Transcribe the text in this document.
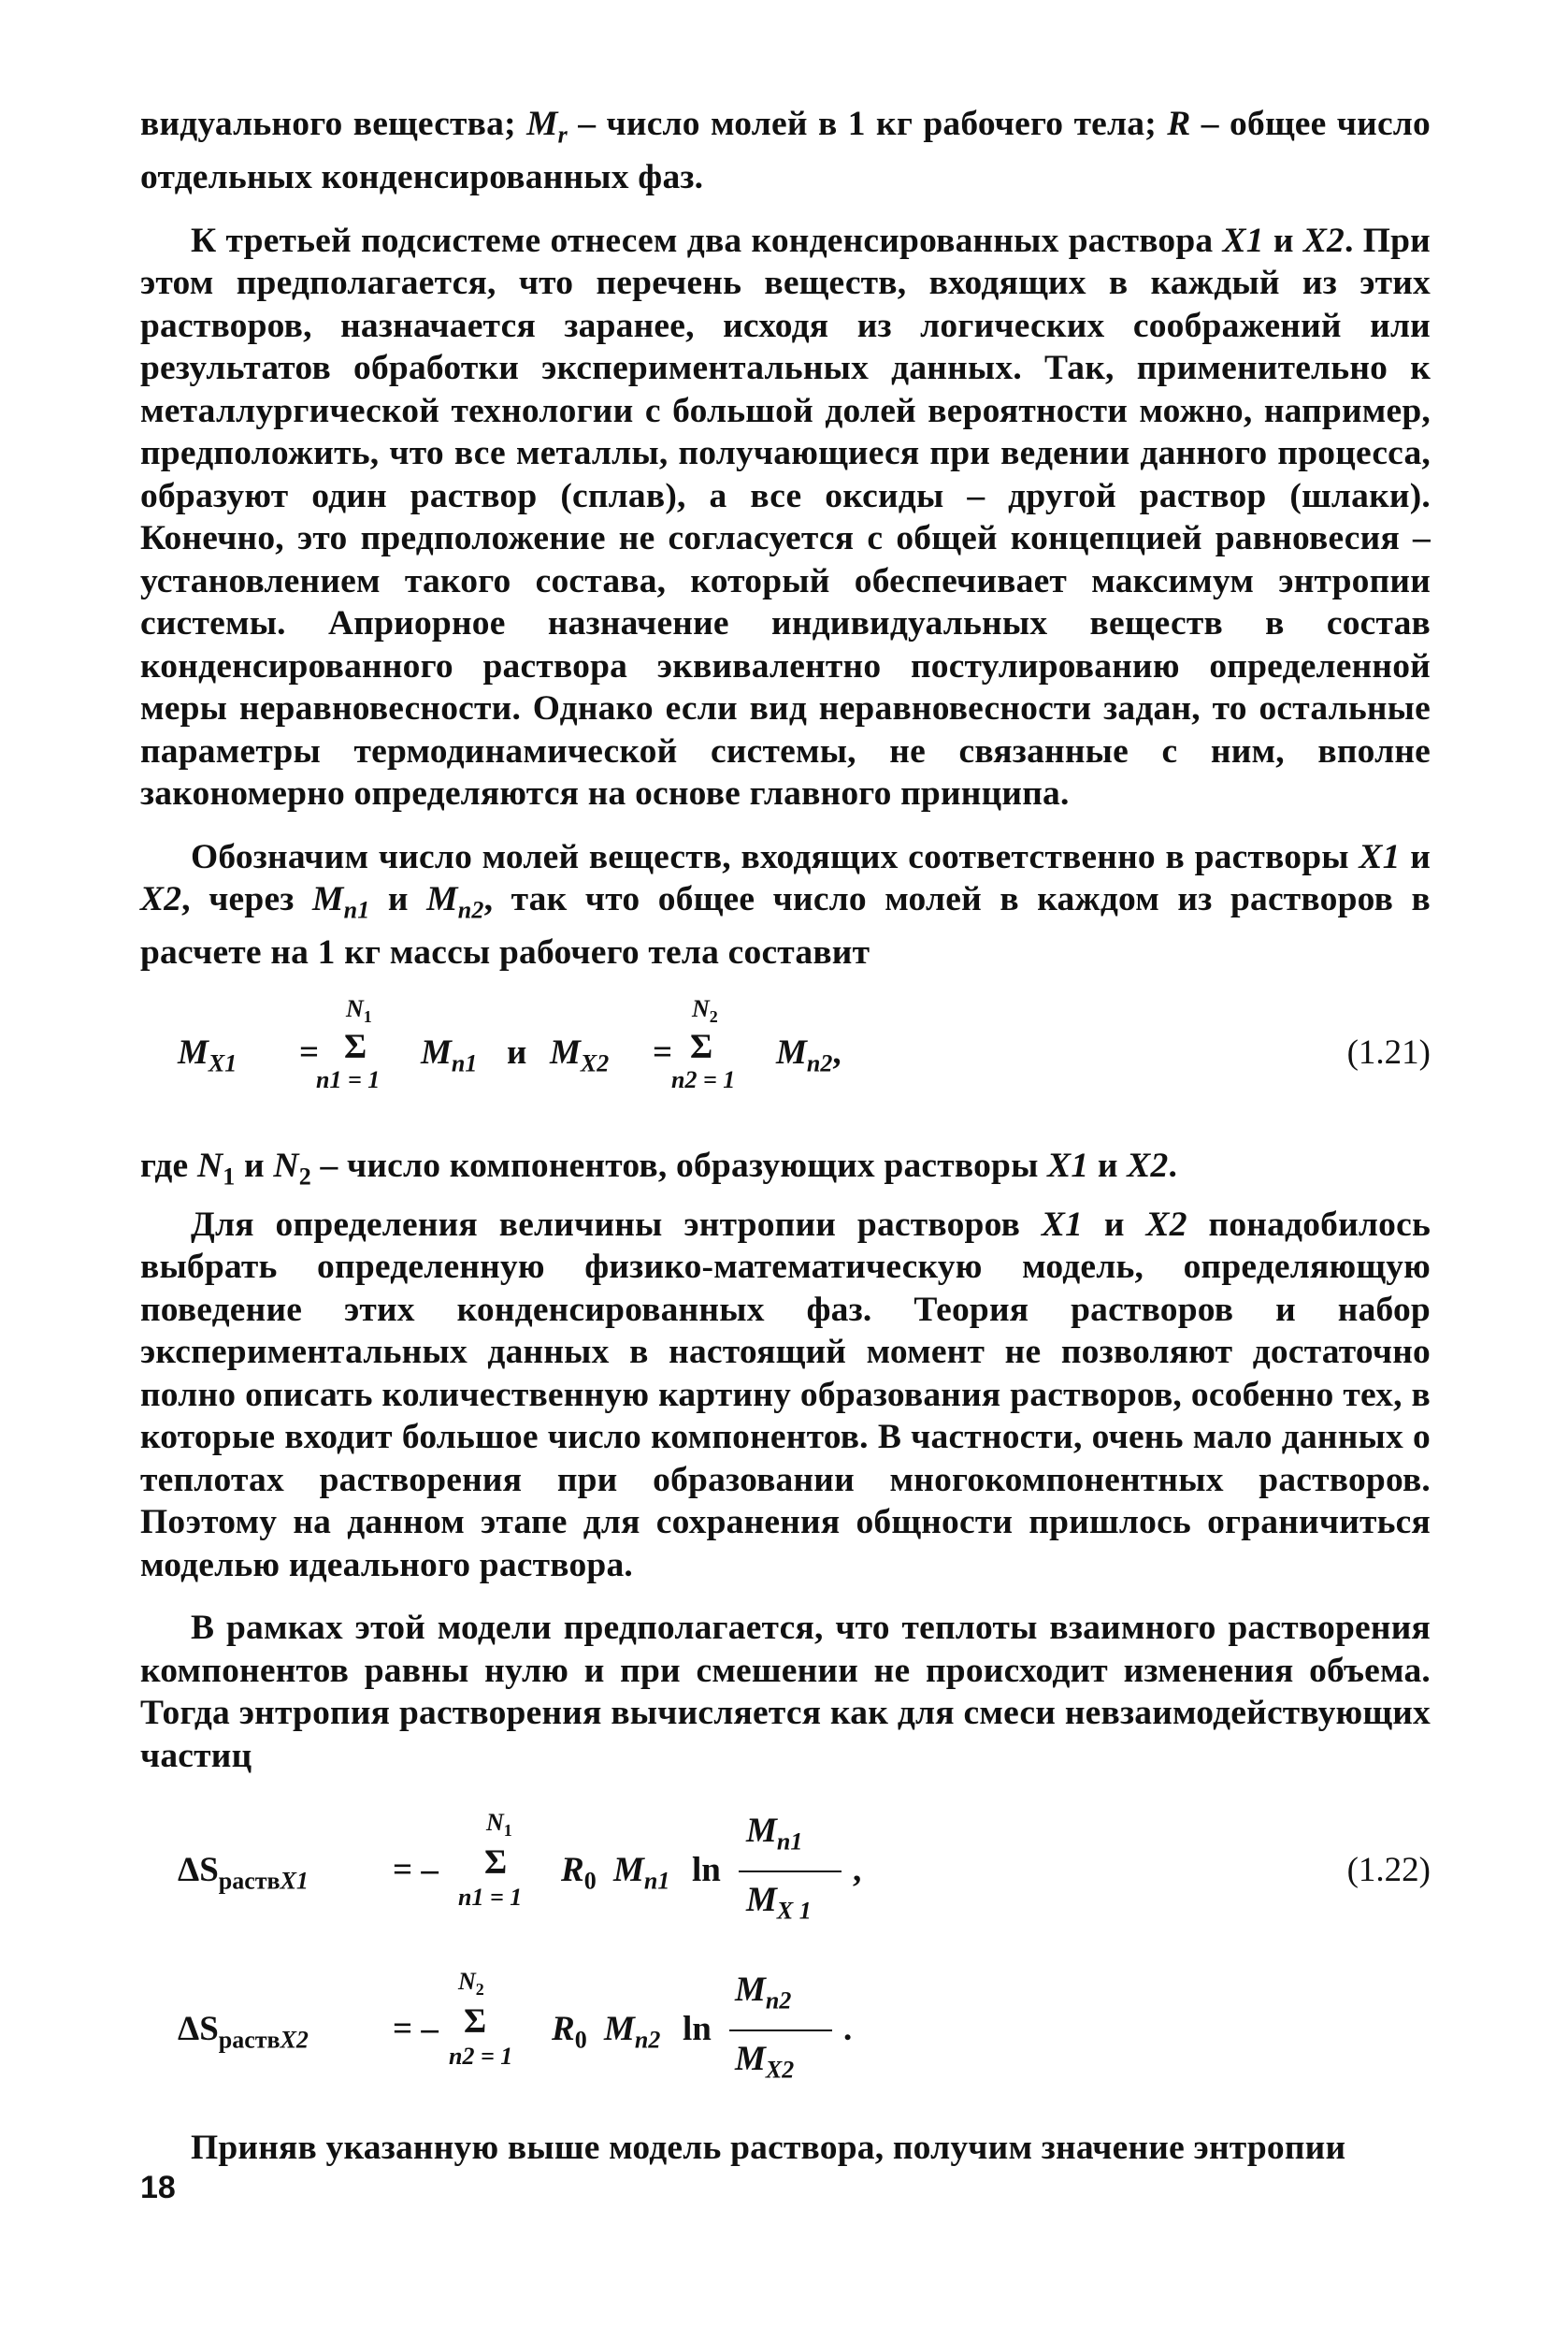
видуального вещества; $M_r$ – число молей в 1 кг рабочего тела; R – общее число отдельных конденсированных фаз.

К третьей подсистеме отнесем два конденсированных раствора X1 и X2. При этом предполагается, что перечень веществ, входящих в каждый из этих растворов, назначается заранее, исходя из логических соображений или результатов обработки экспериментальных данных. Так, применительно к металлургической технологии с большой долей вероятности можно, например, предположить, что все металлы, получающиеся при ведении данного процесса, образуют один раствор (сплав), а все оксиды – другой раствор (шлаки). Конечно, это предположение не согласуется с общей концепцией равновесия – установлением такого состава, который обеспечивает максимум энтропии системы. Априорное назначение индивидуальных веществ в состав конденсированного раствора эквивалентно постулированию определенной меры неравновесности. Однако если вид неравновесности задан, то остальные параметры термодинамической системы, не связанные с ним, вполне закономерно определяются на основе главного принципа.

Обозначим число молей веществ, входящих соответственно в растворы X1 и X2, через $M_{n1}$ и $M_{n2}$, так что общее число молей в каждом из растворов в расчете на 1 кг массы рабочего тела составит

$M_{X1}$ =
$N_1$
Σ
n1 = 1
$M_{n1}$ и $M_{X2}$ =
$N_2$
Σ
n2 = 1
$M_{n2}$,	(1.21)

где $N_1$ и $N_2$ – число компонентов, образующих растворы X1 и X2.

Для определения величины энтропии растворов X1 и X2 понадобилось выбрать определенную физико-математическую модель, определяющую поведение этих конденсированных фаз. Теория растворов и набор экспериментальных данных в настоящий момент не позволяют достаточно полно описать количественную картину образования растворов, особенно тех, в которые входит большое число компонентов. В частности, очень мало данных о теплотах растворения при образовании многокомпонентных растворов. Поэтому на данном этапе для сохранения общности пришлось ограничиться моделью идеального раствора.

В рамках этой модели предполагается, что теплоты взаимного растворения компонентов равны нулю и при смешении не происходит изменения объема. Тогда энтропия растворения вычисляется как для смеси невзаимодействующих частиц

$\Delta S_{раствX1}$ = –
$N_1$
Σ
n1 = 1
$R_0$ $M_{n1}$ ln
$M_{n1}$
$M_{X 1}$
,	(1.22)
$\Delta S_{раствX2}$ = –
$N_2$
Σ
n2 = 1
$R_0$ $M_{n2}$ ln
$M_{n2}$
$M_{X2}$
.

Приняв указанную выше модель раствора, получим значение энтропии

18
